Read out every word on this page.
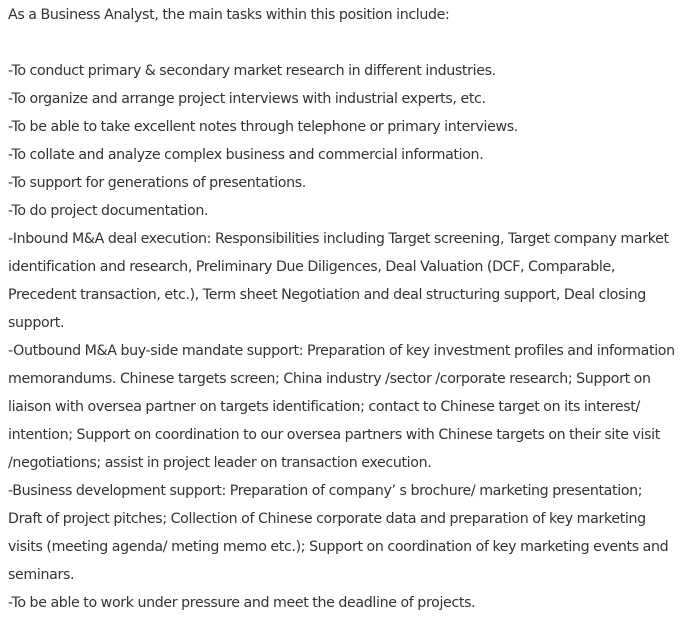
As a Business Analyst, the main tasks within this position include:

-To conduct primary & secondary market research in different industries.

-To organize and arrange project interviews with industrial experts, etc.

-To be able to take excellent notes through telephone or primary interviews.

-To collate and analyze complex business and commercial information.

-To support for generations of presentations.

-To do project documentation.

-Inbound M&A deal execution: Responsibilities including Target screening, Target company market identification and research, Preliminary Due Diligences, Deal Valuation (DCF, Comparable, Precedent transaction, etc.), Term sheet Negotiation and deal structuring support, Deal closing support.

-Outbound M&A buy-side mandate support: Preparation of key investment profiles and information memorandums. Chinese targets screen; China industry /sector /corporate research; Support on liaison with oversea partner on targets identification; contact to Chinese target on its interest/ intention; Support on coordination to our oversea partners with Chinese targets on their site visit /negotiations; assist in project leader on transaction execution.

-Business development support: Preparation of company’ s brochure/ marketing presentation; Draft of project pitches; Collection of Chinese corporate data and preparation of key marketing visits (meeting agenda/ meting memo etc.); Support on coordination of key marketing events and seminars.

-To be able to work under pressure and meet the deadline of projects.
